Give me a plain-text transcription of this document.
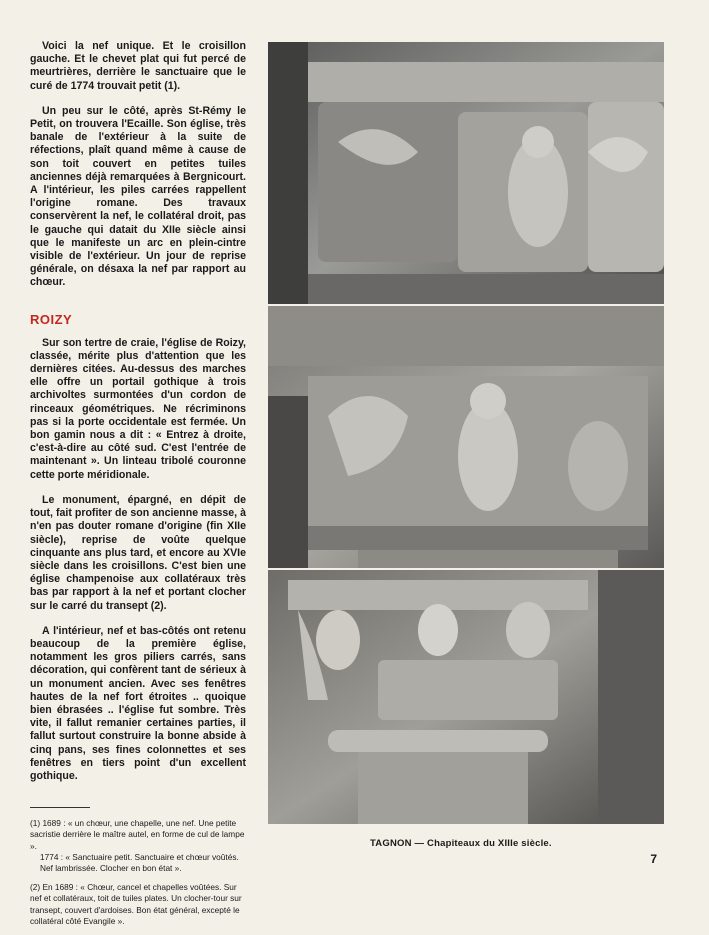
Voici la nef unique. Et le croisillon gauche. Et le chevet plat qui fut percé de meurtrières, derrière le sanctuaire que le curé de 1774 trouvait petit (1).

Un peu sur le côté, après St-Rémy le Petit, on trouvera l'Ecaille. Son église, très banale de l'extérieur à la suite de réfections, plaît quand même à cause de son toit couvert en petites tuiles anciennes déjà remarquées à Bergnicourt. A l'intérieur, les piles carrées rappellent l'origine romane. Des travaux conservèrent la nef, le collatéral droit, pas le gauche qui datait du XIIe siècle ainsi que le manifeste un arc en plein-cintre visible de l'extérieur. Un jour de reprise générale, on désaxa la nef par rapport au chœur.

ROIZY

Sur son tertre de craie, l'église de Roizy, classée, mérite plus d'attention que les dernières citées. Au-dessus des marches elle offre un portail gothique à trois archivoltes surmontées d'un cordon de rinceaux géométriques. Ne récriminons pas si la porte occidentale est fermée. Un bon gamin nous a dit : « Entrez à droite, c'est-à-dire au côté sud. C'est l'entrée de maintenant ». Un linteau tribolé couronne cette porte méridionale.

Le monument, épargné, en dépit de tout, fait profiter de son ancienne masse, à n'en pas douter romane d'origine (fin XIIe siècle), reprise de voûte quelque cinquante ans plus tard, et encore au XVIe siècle dans les croisillons. C'est bien une église champenoise aux collatéraux très bas par rapport à la nef et portant clocher sur le carré du transept (2).

A l'intérieur, nef et bas-côtés ont retenu beaucoup de la première église, notamment les gros piliers carrés, sans décoration, qui confèrent tant de sérieux à un monument ancien. Avec ses fenêtres hautes de la nef fort étroites .. quoique bien ébrasées .. l'église fut sombre. Très vite, il fallut remanier certaines parties, il fallut surtout construire la bonne abside à cinq pans, ses fines colonnettes et ses fenêtres en tiers point d'un excellent gothique.

(1) 1689 : « un chœur, une chapelle, une nef. Une petite sacristie derrière le maître autel, en forme de cul de lampe ».
1774 : « Sanctuaire petit. Sanctuaire et chœur voûtés. Nef lambrissée. Clocher en bon état ».

(2) En 1689 : « Chœur, cancel et chapelles voûtées. Sur nef et collatéraux, toit de tuiles plates. Un clocher-tour sur transept, couvert d'ardoises. Bon état général, excepté le collatéral côté Evangile ».

TAGNON — Chapiteaux du XIIIe siècle.
7
